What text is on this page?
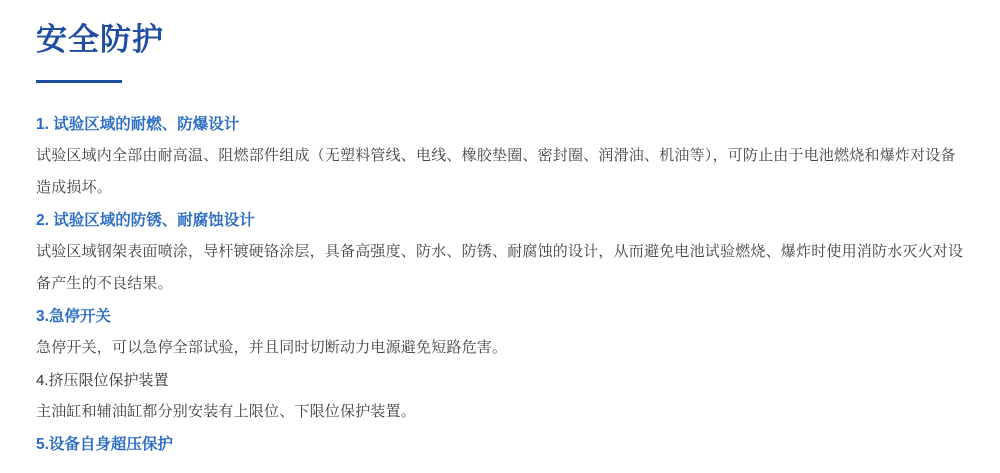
安全防护

1. 试验区域的耐燃、防爆设计

试验区域内全部由耐高温、阻燃部件组成（无塑料管线、电线、橡胶垫圈、密封圈、润滑油、机油等），可防止由于电池燃烧和爆炸对设备造成损坏。

2. 试验区域的防锈、耐腐蚀设计

试验区域钢架表面喷涂，导杆镀硬铬涂层，具备高强度、防水、防锈、耐腐蚀的设计，从而避免电池试验燃烧、爆炸时使用消防水灭火对设备产生的不良结果。

3.急停开关

急停开关，可以急停全部试验，并且同时切断动力电源避免短路危害。

4.挤压限位保护装置

主油缸和辅油缸都分别安装有上限位、下限位保护装置。

5.设备自身超压保护
